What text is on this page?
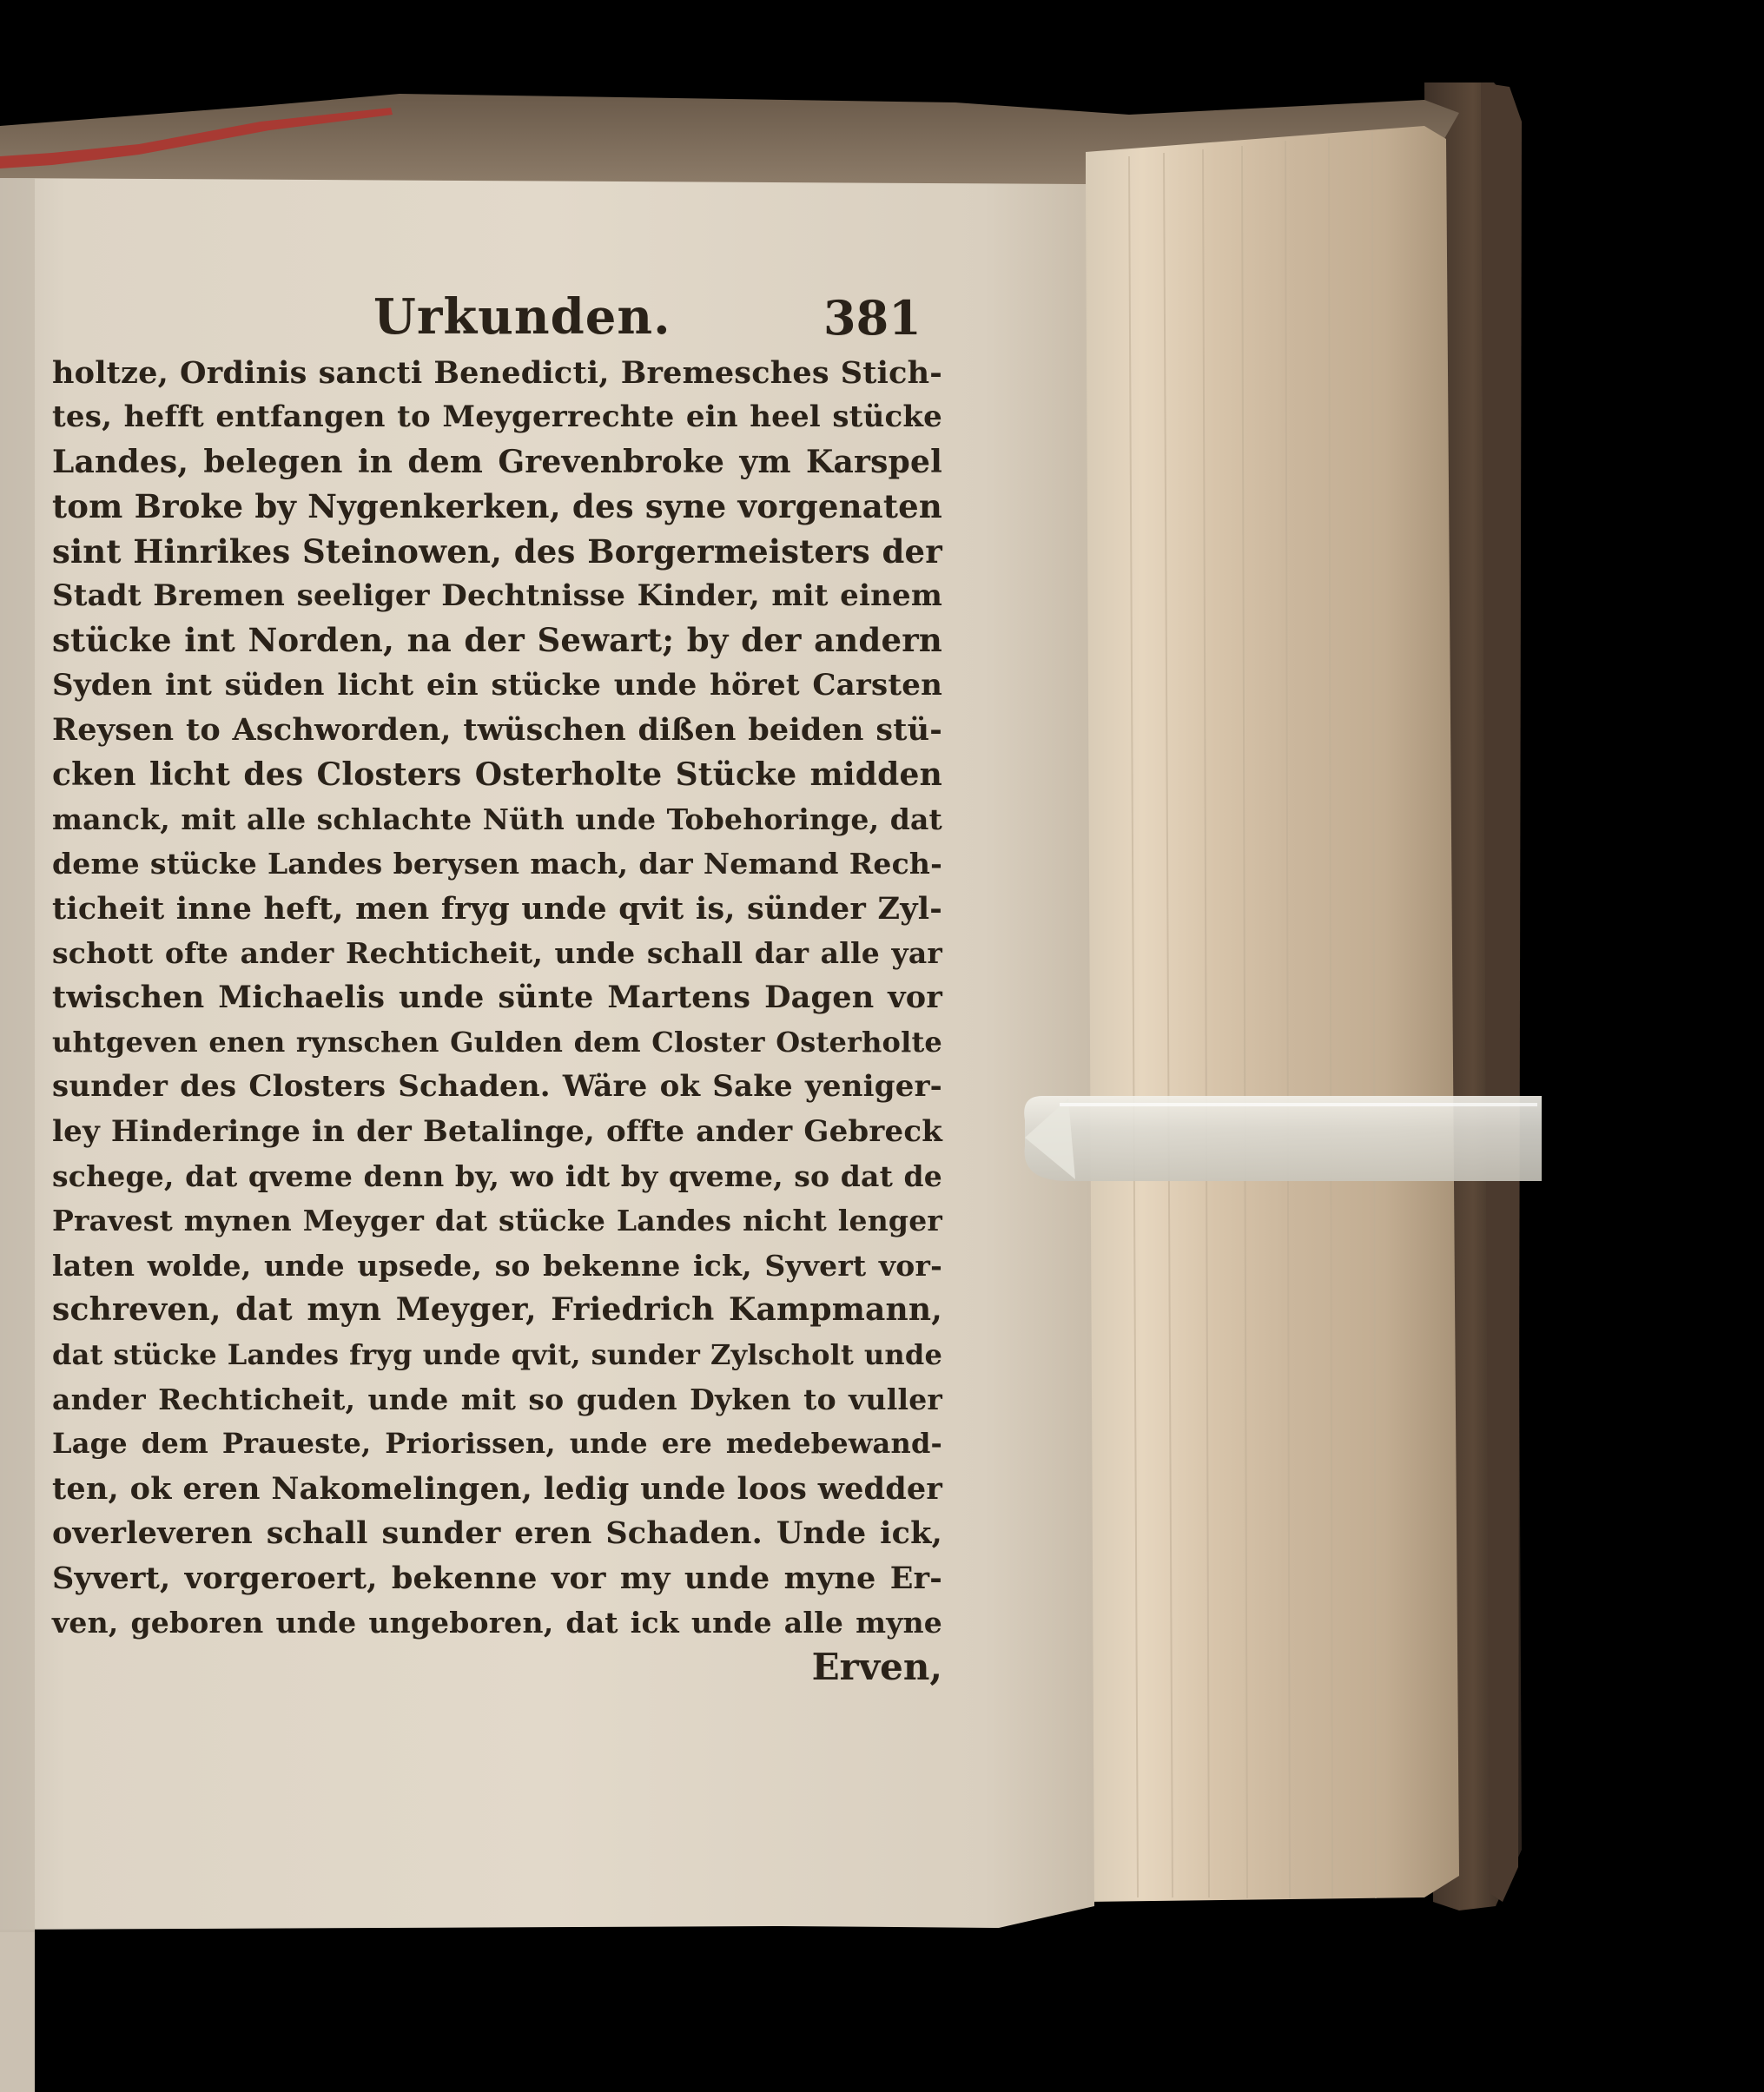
Urkunden.	381
holtze, Ordinis sancti Benedicti, Bremesches Stich-
tes, hefft entfangen to Meygerrechte ein heel stücke
Landes, belegen in dem Grevenbroke ym Karspel
tom Broke by Nygenkerken, des syne vorgenaten
sint Hinrikes Steinowen, des Borgermeisters der
Stadt Bremen seeliger Dechtnisse Kinder, mit einem
stücke int Norden, na der Sewart; by der andern
Syden int süden licht ein stücke unde höret Carsten
Reysen to Aschworden, twüschen dißen beiden stü-
cken licht des Closters Osterholte Stücke midden
manck, mit alle schlachte Nüth unde Tobehoringe, dat
deme stücke Landes berysen mach, dar Nemand Rech-
ticheit inne heft, men fryg unde qvit is, sünder Zyl-
schott ofte ander Rechticheit, unde schall dar alle yar
twischen Michaelis unde sünte Martens Dagen vor
uhtgeven enen rynschen Gulden dem Closter Osterholte
sunder des Closters Schaden. Wäre ok Sake yeniger-
ley Hinderinge in der Betalinge, offte ander Gebreck
schege, dat qveme denn by, wo idt by qveme, so dat de
Pravest mynen Meyger dat stücke Landes nicht lenger
laten wolde, unde upsede, so bekenne ick, Syvert vor-
schreven, dat myn Meyger, Friedrich Kampmann,
dat stücke Landes fryg unde qvit, sunder Zylscholt unde
ander Rechticheit, unde mit so guden Dyken to vuller
Lage dem Praueste, Priorissen, unde ere medebewand-
ten, ok eren Nakomelingen, ledig unde loos wedder
overleveren schall sunder eren Schaden. Unde ick,
Syvert, vorgeroert, bekenne vor my unde myne Er-
ven, geboren unde ungeboren, dat ick unde alle myne
Erven,
